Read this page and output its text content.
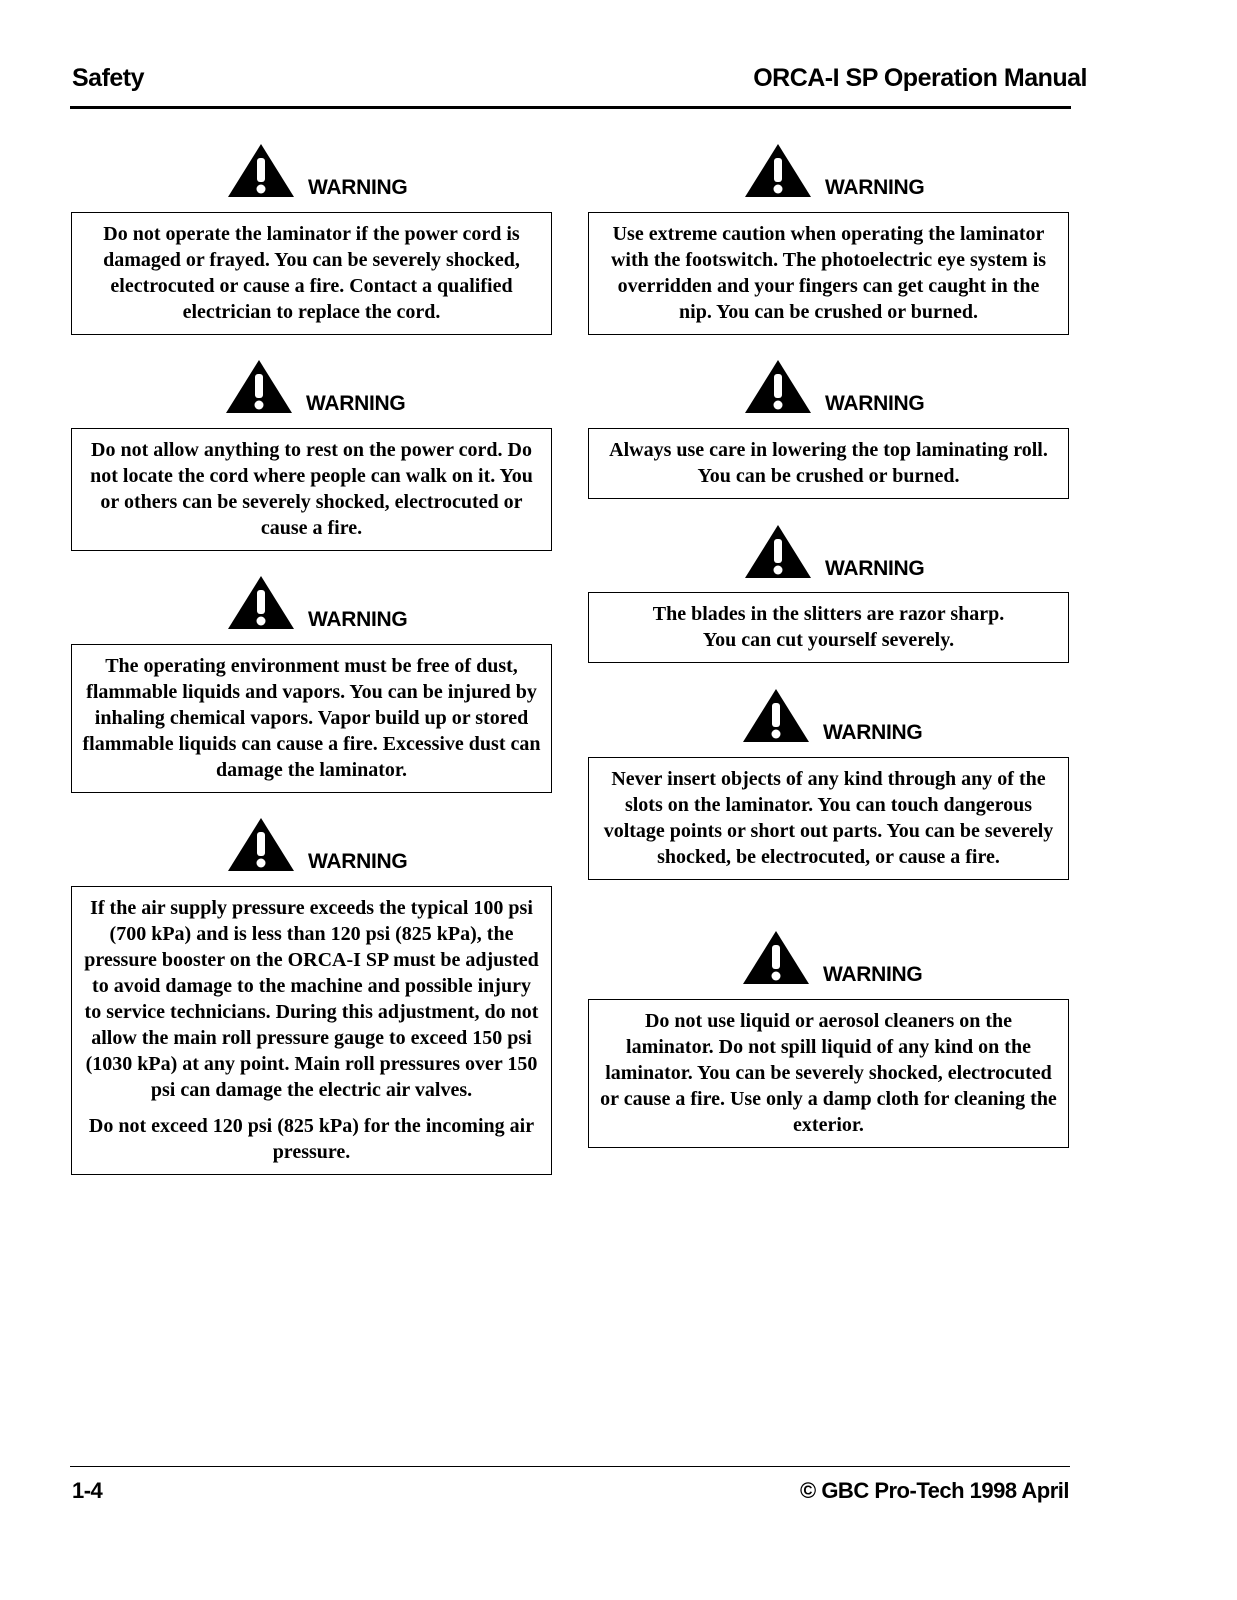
Safety	ORCA-I SP Operation Manual
WARNING

Do not operate the laminator if the power cord is damaged or frayed. You can be severely shocked, electrocuted or cause a fire. Contact a qualified electrician to replace the cord.

WARNING

Do not allow anything to rest on the power cord. Do not locate the cord where people can walk on it. You or others can be severely shocked, electrocuted or cause a fire.

WARNING

The operating environment must be free of dust, flammable liquids and vapors. You can be injured by inhaling chemical vapors. Vapor build up or stored flammable liquids can cause a fire. Excessive dust can damage the laminator.

WARNING

If the air supply pressure exceeds the typical 100 psi (700 kPa) and is less than 120 psi (825 kPa), the pressure booster on the ORCA-I SP must be adjusted to avoid damage to the machine and possible injury to service technicians. During this adjustment, do not allow the main roll pressure gauge to exceed 150 psi (1030 kPa) at any point. Main roll pressures over 150 psi can damage the electric air valves.

Do not exceed 120 psi (825 kPa) for the incoming air pressure.

WARNING

Use extreme caution when operating the laminator with the footswitch. The photoelectric eye system is overridden and your fingers can get caught in the nip. You can be crushed or burned.

WARNING

Always use care in lowering the top laminating roll. You can be crushed or burned.

WARNING

The blades in the slitters are razor sharp.

You can cut yourself severely.

WARNING

Never insert objects of any kind through any of the slots on the laminator. You can touch dangerous voltage points or short out parts. You can be severely shocked, be electrocuted, or cause a fire.

WARNING

Do not use liquid or aerosol cleaners on the laminator. Do not spill liquid of any kind on the laminator. You can be severely shocked, electrocuted or cause a fire. Use only a damp cloth for cleaning the exterior.

1-4	© GBC Pro-Tech 1998 April
